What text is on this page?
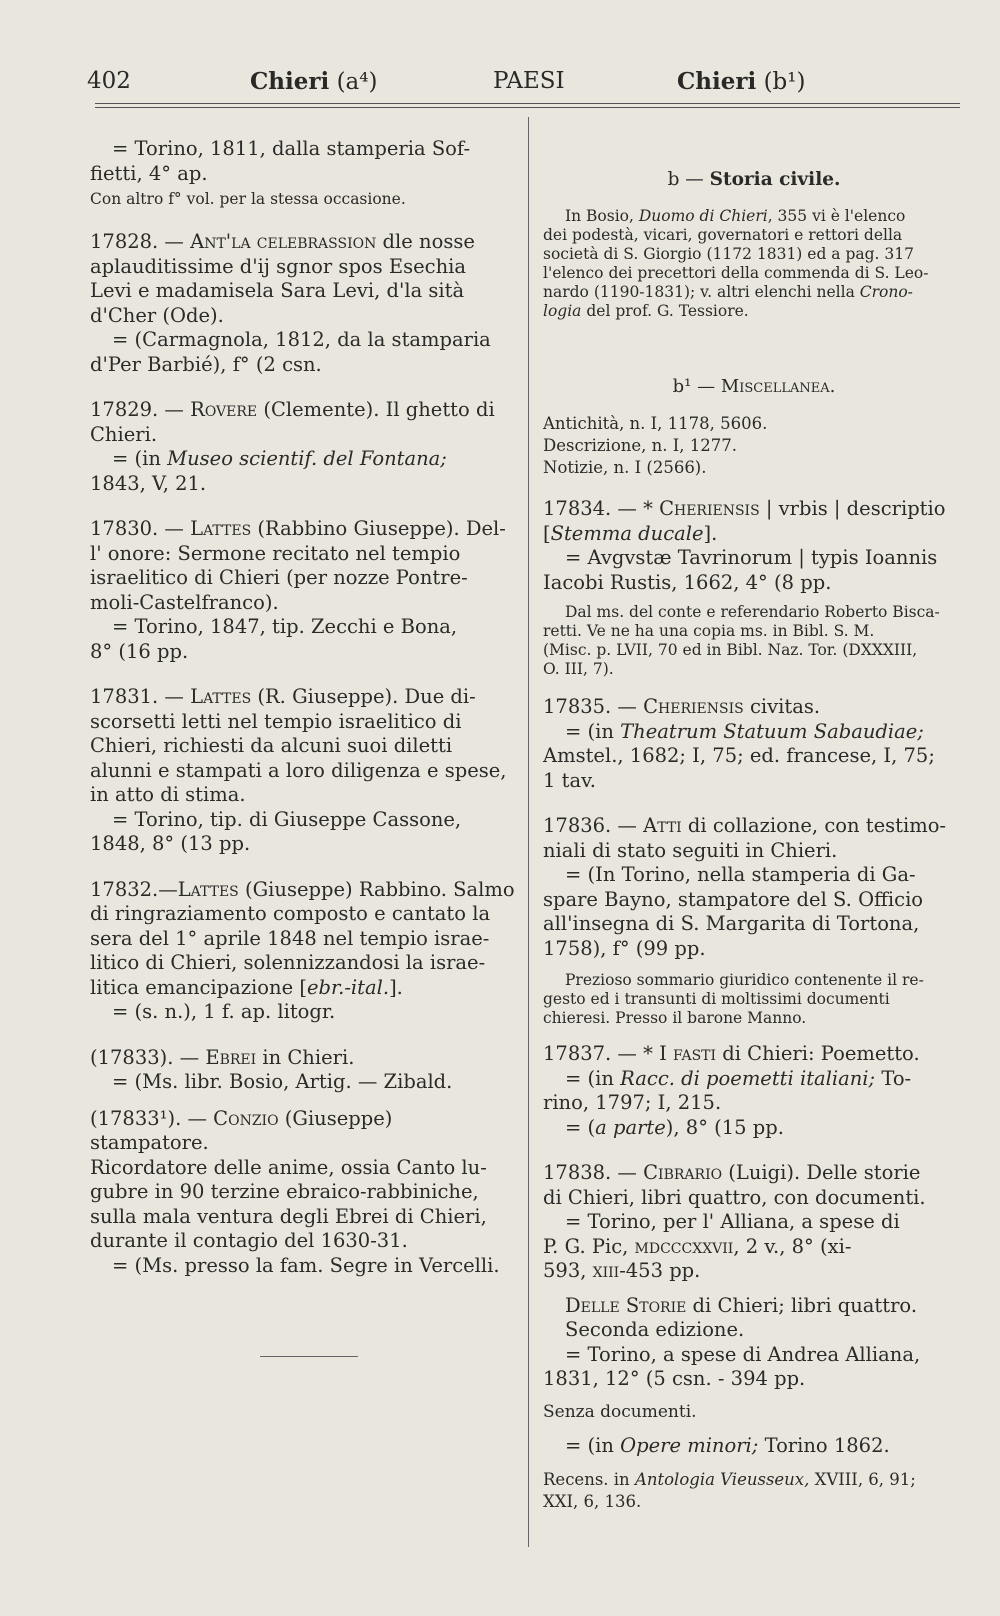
402	Chieri (a⁴)	PAESI	Chieri (b¹)

= Torino, 1811, dalla stamperia Sof-

fietti, 4° ap.

Con altro f° vol. per la stessa occasione.

17828. — Ant'la celebrassion dle nosse

aplauditissime d'ij sgnor spos Esechia

Levi e madamisela Sara Levi, d'la sità

d'Cher (Ode).

= (Carmagnola, 1812, da la stamparia

d'Per Barbié), f° (2 csn.

17829. — Rovere (Clemente). Il ghetto di

Chieri.

= (in Museo scientif. del Fontana;

1843, V, 21.

17830. — Lattes (Rabbino Giuseppe). Del-

l' onore: Sermone recitato nel tempio

israelitico di Chieri (per nozze Pontre-

moli-Castelfranco).

= Torino, 1847, tip. Zecchi e Bona,

8° (16 pp.

17831. — Lattes (R. Giuseppe). Due di-

scorsetti letti nel tempio israelitico di

Chieri, richiesti da alcuni suoi diletti

alunni e stampati a loro diligenza e spese,

in atto di stima.

= Torino, tip. di Giuseppe Cassone,

1848, 8° (13 pp.

17832.—Lattes (Giuseppe) Rabbino. Salmo

di ringraziamento composto e cantato la

sera del 1° aprile 1848 nel tempio israe-

litico di Chieri, solennizzandosi la israe-

litica emancipazione [ebr.-ital.].

= (s. n.), 1 f. ap. litogr.

(17833). — Ebrei in Chieri.

= (Ms. libr. Bosio, Artig. — Zibald.

(17833¹). — Conzio (Giuseppe) stampatore.

Ricordatore delle anime, ossia Canto lu-

gubre in 90 terzine ebraico-rabbiniche,

sulla mala ventura degli Ebrei di Chieri,

durante il contagio del 1630-31.

= (Ms. presso la fam. Segre in Vercelli.

b — Storia civile.

In Bosio, Duomo di Chieri, 355 vi è l'elenco

dei podestà, vicari, governatori e rettori della

società di S. Giorgio (1172 1831) ed a pag. 317

l'elenco dei precettori della commenda di S. Leo-

nardo (1190-1831); v. altri elenchi nella Crono-

logia del prof. G. Tessiore.

b¹ — Miscellanea.

Antichità, n. I, 1178, 5606.

Descrizione, n. I, 1277.

Notizie, n. I (2566).

17834. — * Cheriensis | vrbis | descriptio

[Stemma ducale].

= Avgvstæ Tavrinorum | typis Ioannis

Iacobi Rustis, 1662, 4° (8 pp.

Dal ms. del conte e referendario Roberto Bisca-

retti. Ve ne ha una copia ms. in Bibl. S. M.

(Misc. p. LVII, 70 ed in Bibl. Naz. Tor. (DXXXIII,

O. III, 7).

17835. — Cheriensis civitas.

= (in Theatrum Statuum Sabaudiae;

Amstel., 1682; I, 75; ed. francese, I, 75;

1 tav.

17836. — Atti di collazione, con testimo-

niali di stato seguiti in Chieri.

= (In Torino, nella stamperia di Ga-

spare Bayno, stampatore del S. Officio

all'insegna di S. Margarita di Tortona,

1758), f° (99 pp.

Prezioso sommario giuridico contenente il re-

gesto ed i transunti di moltissimi documenti

chieresi. Presso il barone Manno.

17837. — * I fasti di Chieri: Poemetto.

= (in Racc. di poemetti italiani; To-

rino, 1797; I, 215.

= (a parte), 8° (15 pp.

17838. — Cibrario (Luigi). Delle storie

di Chieri, libri quattro, con documenti.

= Torino, per l' Alliana, a spese di

P. G. Pic, mdcccxxvii, 2 v., 8° (xi-

593, xiii-453 pp.

Delle Storie di Chieri; libri quattro.

Seconda edizione.

= Torino, a spese di Andrea Alliana,

1831, 12° (5 csn. - 394 pp.

Senza documenti.

= (in Opere minori; Torino 1862.

Recens. in Antologia Vieusseux, XVIII, 6, 91;

XXI, 6, 136.
